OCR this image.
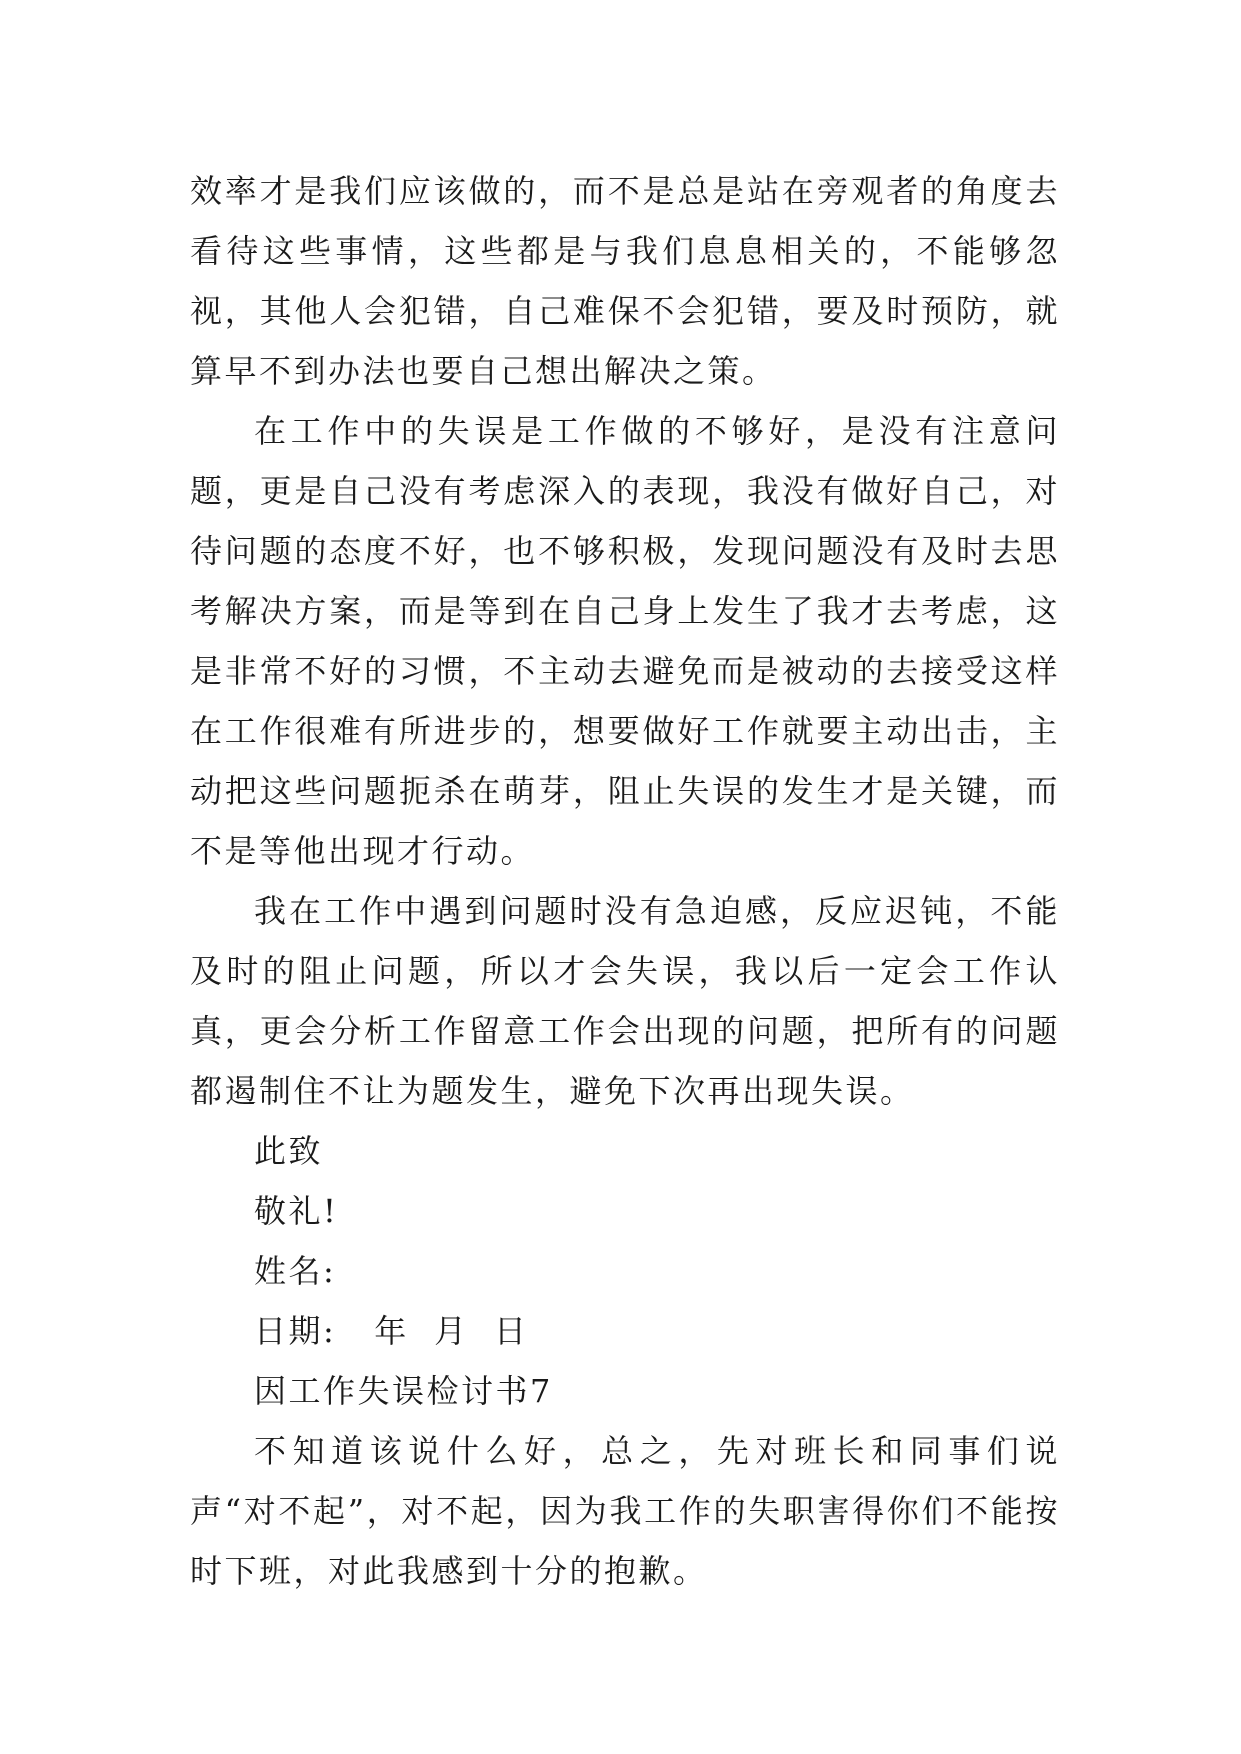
效率才是我们应该做的，而不是总是站在旁观者的角度去看待这些事情，这些都是与我们息息相关的，不能够忽视，其他人会犯错，自己难保不会犯错，要及时预防，就算早不到办法也要自己想出解决之策。

在工作中的失误是工作做的不够好，是没有注意问题，更是自己没有考虑深入的表现，我没有做好自己，对待问题的态度不好，也不够积极，发现问题没有及时去思考解决方案，而是等到在自己身上发生了我才去考虑，这是非常不好的习惯，不主动去避免而是被动的去接受这样在工作很难有所进步的，想要做好工作就要主动出击，主动把这些问题扼杀在萌芽，阻止失误的发生才是关键，而不是等他出现才行动。

我在工作中遇到问题时没有急迫感，反应迟钝，不能及时的阻止问题，所以才会失误，我以后一定会工作认真，更会分析工作留意工作会出现的问题，把所有的问题都遏制住不让为题发生，避免下次再出现失误。

此致

敬礼!

姓名:

日期:   年  月  日

因工作失误检讨书7

不知道该说什么好，总之，先对班长和同事们说声“对不起”，对不起，因为我工作的失职害得你们不能按时下班，对此我感到十分的抱歉。
